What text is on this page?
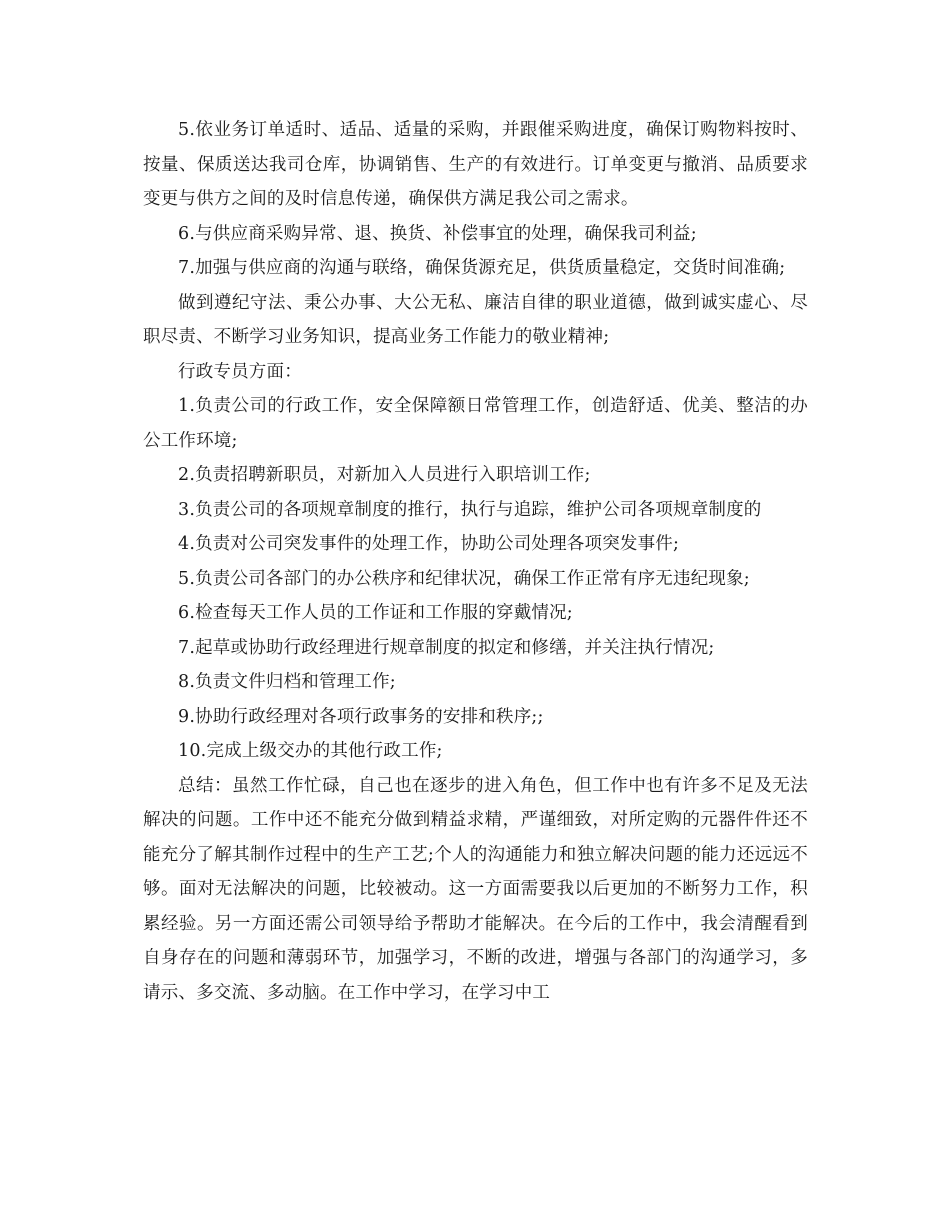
5.依业务订单适时、适品、适量的采购，并跟催采购进度，确保订购物料按时、按量、保质送达我司仓库，协调销售、生产的有效进行。订单变更与撤消、品质要求变更与供方之间的及时信息传递，确保供方满足我公司之需求。

6.与供应商采购异常、退、换货、补偿事宜的处理，确保我司利益;

7.加强与供应商的沟通与联络，确保货源充足，供货质量稳定，交货时间准确;

做到遵纪守法、秉公办事、大公无私、廉洁自律的职业道德，做到诚实虚心、尽职尽责、不断学习业务知识，提高业务工作能力的敬业精神;

行政专员方面：

1.负责公司的行政工作，安全保障额日常管理工作，创造舒适、优美、整洁的办公工作环境;

2.负责招聘新职员，对新加入人员进行入职培训工作;

3.负责公司的各项规章制度的推行，执行与追踪，维护公司各项规章制度的

4.负责对公司突发事件的处理工作，协助公司处理各项突发事件;

5.负责公司各部门的办公秩序和纪律状况，确保工作正常有序无违纪现象;

6.检查每天工作人员的工作证和工作服的穿戴情况;

7.起草或协助行政经理进行规章制度的拟定和修缮，并关注执行情况;

8.负责文件归档和管理工作;

9.协助行政经理对各项行政事务的安排和秩序;;

10.完成上级交办的其他行政工作;

总结：虽然工作忙碌，自己也在逐步的进入角色，但工作中也有许多不足及无法解决的问题。工作中还不能充分做到精益求精，严谨细致，对所定购的元器件件还不能充分了解其制作过程中的生产工艺;个人的沟通能力和独立解决问题的能力还远远不够。面对无法解决的问题，比较被动。这一方面需要我以后更加的不断努力工作，积累经验。另一方面还需公司领导给予帮助才能解决。在今后的工作中，我会清醒看到自身存在的问题和薄弱环节，加强学习，不断的改进，增强与各部门的沟通学习，多请示、多交流、多动脑。在工作中学习，在学习中工
